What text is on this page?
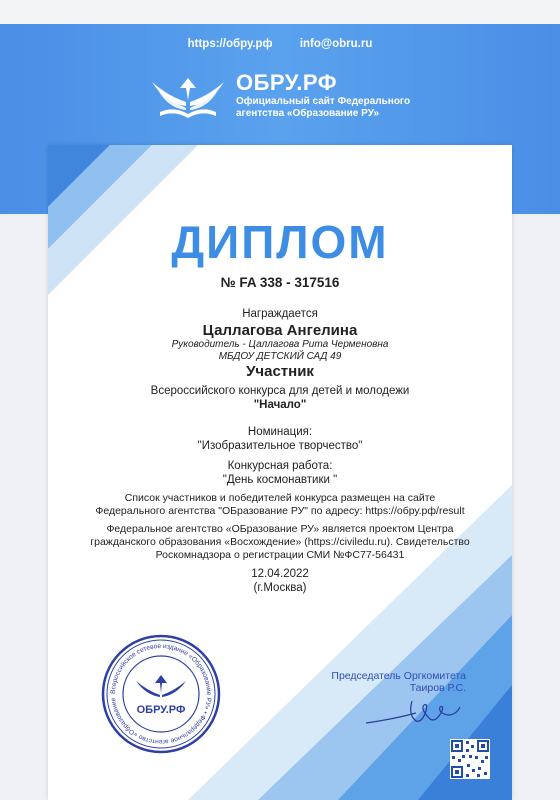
https://обру.рф info@obru.ru
ОБРУ.РФ
Официальный сайт Федерального
агентства «Образование РУ»
ДИПЛОМ
№ FA 338 - 317516
Награждается
Цаллагова Ангелина
Руководитель - Цаллагова Рита Черменовна
МБДОУ ДЕТСКИЙ САД 49
Участник
Всероссийского конкурса для детей и молодежи
"Начало"
Номинация:
"Изобразительное творчество"
Конкурсная работа:
"День космонавтики "
Список участников и победителей конкурса размещен на сайте
Федерального агентства "ОБразование РУ" по адресу: https://обру.рф/result
Федеральное агентство «ОБразование РУ» является проектом Центра
гражданского образования «Восхождение» (https://civiledu.ru). Свидетельство
Роскомнадзора о регистрации СМИ №ФС77-56431
12.04.2022
(г.Москва)
Всероссийское сетевое издание «Образование РУ» • Федеральное агентство «Образование
ОБРУ.РФ
Председатель Оргкомитета
Таиров Р.С.
